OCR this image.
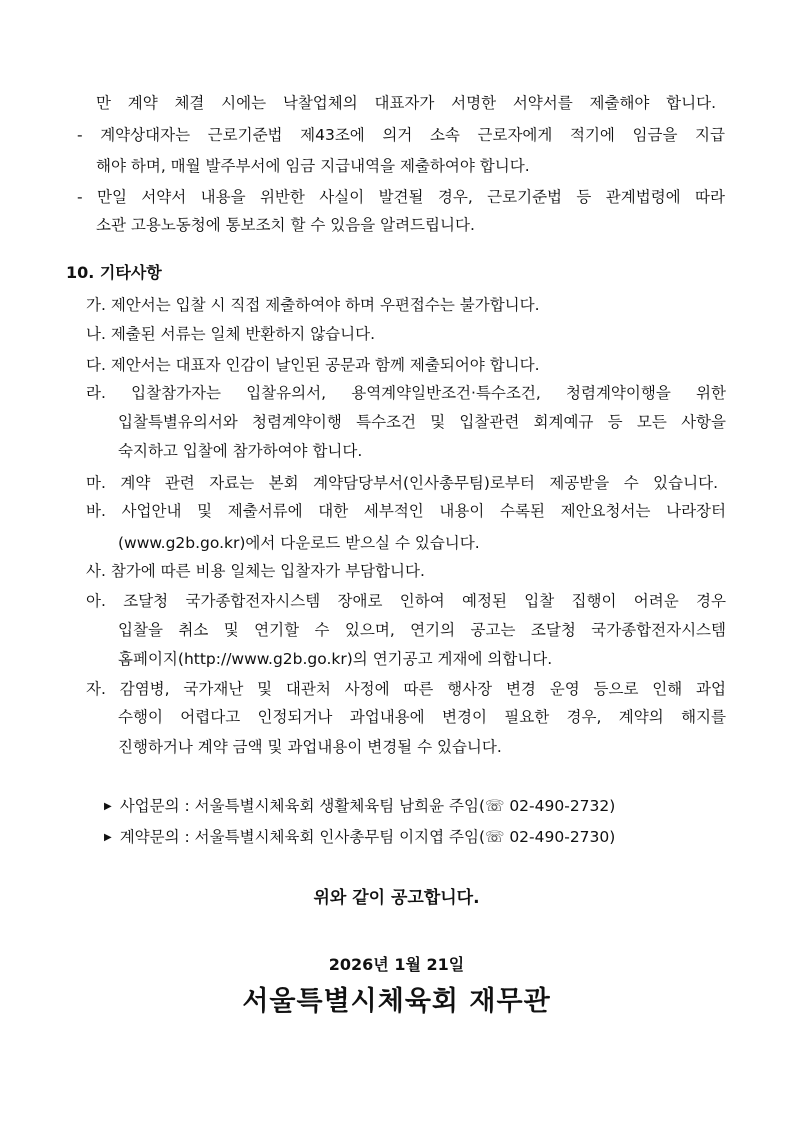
만 계약 체결 시에는 낙찰업체의 대표자가 서명한 서약서를 제출해야 합니다.
- 계약상대자는 근로기준법 제43조에 의거 소속 근로자에게 적기에 임금을 지급
해야 하며, 매월 발주부서에 임금 지급내역을 제출하여야 합니다.
- 만일 서약서 내용을 위반한 사실이 발견될 경우, 근로기준법 등 관계법령에 따라
소관 고용노동청에 통보조치 할 수 있음을 알려드립니다.
10. 기타사항
가. 제안서는 입찰 시 직접 제출하여야 하며 우편접수는 불가합니다.
나. 제출된 서류는 일체 반환하지 않습니다.
다. 제안서는 대표자 인감이 날인된 공문과 함께 제출되어야 합니다.
라. 입찰참가자는 입찰유의서, 용역계약일반조건·특수조건, 청렴계약이행을 위한
입찰특별유의서와 청렴계약이행 특수조건 및 입찰관련 회계예규 등 모든 사항을
숙지하고 입찰에 참가하여야 합니다.
마. 계약 관련 자료는 본회 계약담당부서(인사총무팀)로부터 제공받을 수 있습니다.
바. 사업안내 및 제출서류에 대한 세부적인 내용이 수록된 제안요청서는 나라장터
(www.g2b.go.kr)에서 다운로드 받으실 수 있습니다.
사. 참가에 따른 비용 일체는 입찰자가 부담합니다.
아. 조달청 국가종합전자시스템 장애로 인하여 예정된 입찰 집행이 어려운 경우
입찰을 취소 및 연기할 수 있으며, 연기의 공고는 조달청 국가종합전자시스템
홈페이지(http://www.g2b.go.kr)의 연기공고 게재에 의합니다.
자. 감염병, 국가재난 및 대관처 사정에 따른 행사장 변경 운영 등으로 인해 과업
수행이 어렵다고 인정되거나 과업내용에 변경이 필요한 경우, 계약의 해지를
진행하거나 계약 금액 및 과업내용이 변경될 수 있습니다.
▶ 사업문의 : 서울특별시체육회 생활체육팀 남희윤 주임(☏ 02-490-2732)
▶ 계약문의 : 서울특별시체육회 인사총무팀 이지엽 주임(☏ 02-490-2730)
위와 같이 공고합니다.
2026년 1월 21일
서울특별시체육회 재무관
